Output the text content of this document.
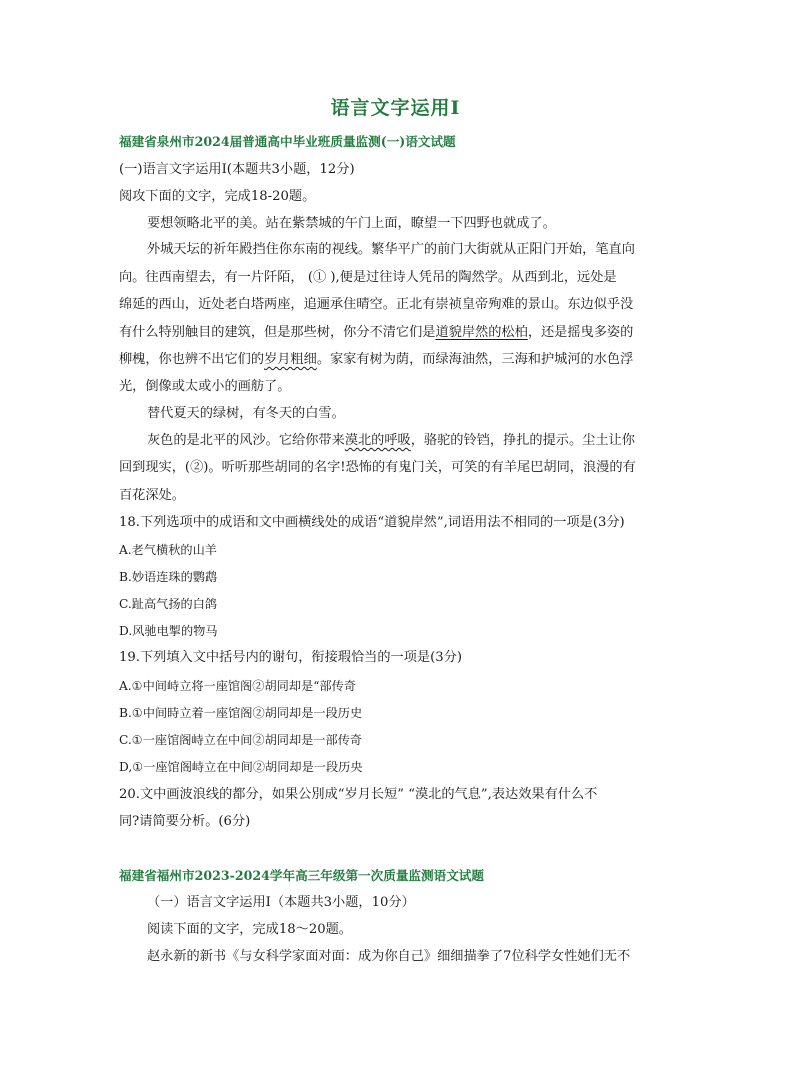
语言文字运用Ⅰ
福建省泉州市2024届普通高中毕业班质量监测(一)语文试题
(一)语言文字运用Ⅰ(本题共3小题，12分)
阅攻下面的文字，完成18-20题。
要想领略北平的美。站在紫禁城的午门上面，瞭望一下四野也就成了。
外城天坛的祈年殿挡住你东南的视线。繁华平广的前门大街就从正阳门开始，笔直向
向。往西南望去，有一片阡陌， (① ),便是过往诗人凭吊的陶然学。从西到北，远处是
绵延的西山，近处老白塔两座，追逦承住晴空。正北有崇祯皇帝殉难的景山。东边似乎没
有什么特别触目的建筑，但是那些树，你分不清它们是道貌岸然的松柏，还是摇曳多姿的
柳槐，你也辨不出它们的岁月粗细。家家有树为荫，而绿海油然，三海和护城河的水色浮
光，倒像或太或小的画舫了。
替代夏天的绿树，有冬天的白雪。
灰色的是北平的风沙。它给你带来漠北的呼吸，骆驼的铃铛，挣扎的提示。尘土让你
回到现实，(②)。听听那些胡同的名字!恐怖的有鬼门关，可笑的有羊尾巴胡同，浪漫的有
百花深处。
18.下列选项中的成语和文中画横线处的成语“道貌岸然”,词语用法不相同的一项是(3分)
A.老气横秋的山羊
B.妙语连珠的鹦鹉
C.趾高气扬的白鸽
D.风驰电掣的物马
19.下列填入文中括号内的谢句，衔接瑕恰当的一项是(3分)
A.①中间峙立将一座馆阁②胡同却是“部传奇
B.①中间時立着一座馆阁②胡同却是一段历史
C.①一座馆阁峙立在中间②胡同却是一部传奇
D,①一座馆阁峙立在中间②胡同却是一段历央
20.文中画波浪线的都分，如果公別成“岁月长短” “漠北的气息”,表达效果有什么不
同?请简要分析。(6分)
福建省福州市2023-2024学年高三年级第一次质量监测语文试题
（一）语言文字运用Ⅰ（本题共3小题，10分）
阅读下面的文字，完成18～20题。
赵永新的新书《与女科学家面对面：成为你自己》细细描拳了7位科学女性她们无不
